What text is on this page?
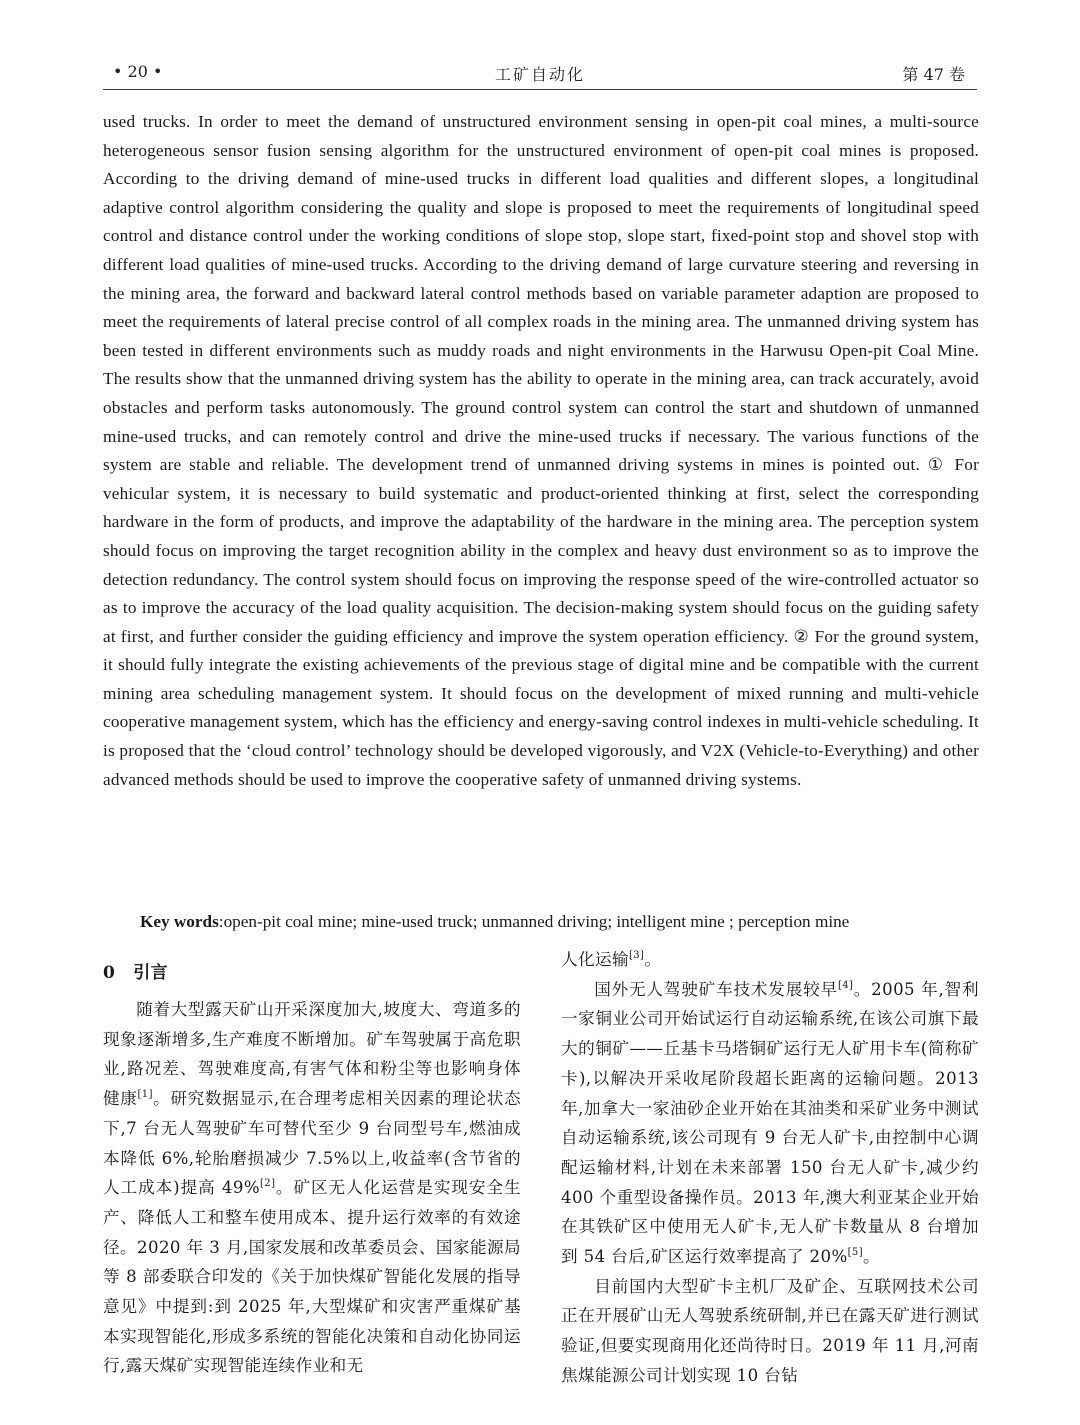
• 20 •	工矿自动化	第 47 卷

used trucks. In order to meet the demand of unstructured environment sensing in open-pit coal mines, a multi-source heterogeneous sensor fusion sensing algorithm for the unstructured environment of open-pit coal mines is proposed. According to the driving demand of mine-used trucks in different load qualities and different slopes, a longitudinal adaptive control algorithm considering the quality and slope is proposed to meet the requirements of longitudinal speed control and distance control under the working conditions of slope stop, slope start, fixed-point stop and shovel stop with different load qualities of mine-used trucks. According to the driving demand of large curvature steering and reversing in the mining area, the forward and backward lateral control methods based on variable parameter adaption are proposed to meet the requirements of lateral precise control of all complex roads in the mining area. The unmanned driving system has been tested in different environments such as muddy roads and night environments in the Harwusu Open-pit Coal Mine. The results show that the unmanned driving system has the ability to operate in the mining area, can track accurately, avoid obstacles and perform tasks autonomously. The ground control system can control the start and shutdown of unmanned mine-used trucks, and can remotely control and drive the mine-used trucks if necessary. The various functions of the system are stable and reliable. The development trend of unmanned driving systems in mines is pointed out. ① For vehicular system, it is necessary to build systematic and product-oriented thinking at first, select the corresponding hardware in the form of products, and improve the adaptability of the hardware in the mining area. The perception system should focus on improving the target recognition ability in the complex and heavy dust environment so as to improve the detection redundancy. The control system should focus on improving the response speed of the wire-controlled actuator so as to improve the accuracy of the load quality acquisition. The decision-making system should focus on the guiding safety at first, and further consider the guiding efficiency and improve the system operation efficiency. ② For the ground system, it should fully integrate the existing achievements of the previous stage of digital mine and be compatible with the current mining area scheduling management system. It should focus on the development of mixed running and multi-vehicle cooperative management system, which has the efficiency and energy-saving control indexes in multi-vehicle scheduling. It is proposed that the ‘cloud control’ technology should be developed vigorously, and V2X (Vehicle-to-Everything) and other advanced methods should be used to improve the cooperative safety of unmanned driving systems.

Key words:open-pit coal mine; mine-used truck; unmanned driving; intelligent mine ; perception mine
0 引言

随着大型露天矿山开采深度加大,坡度大、弯道多的现象逐渐增多,生产难度不断增加。矿车驾驶属于高危职业,路况差、驾驶难度高,有害气体和粉尘等也影响身体健康[1]。研究数据显示,在合理考虑相关因素的理论状态下,7 台无人驾驶矿车可替代至少 9 台同型号车,燃油成本降低 6%,轮胎磨损减少 7.5%以上,收益率(含节省的人工成本)提高 49%[2]。矿区无人化运营是实现安全生产、降低人工和整车使用成本、提升运行效率的有效途径。2020 年 3 月,国家发展和改革委员会、国家能源局等 8 部委联合印发的《关于加快煤矿智能化发展的指导意见》中提到:到 2025 年,大型煤矿和灾害严重煤矿基本实现智能化,形成多系统的智能化决策和自动化协同运行,露天煤矿实现智能连续作业和无

人化运输[3]。

国外无人驾驶矿车技术发展较早[4]。2005 年,智利一家铜业公司开始试运行自动运输系统,在该公司旗下最大的铜矿——丘基卡马塔铜矿运行无人矿用卡车(简称矿卡),以解决开采收尾阶段超长距离的运输问题。2013 年,加拿大一家油砂企业开始在其油类和采矿业务中测试自动运输系统,该公司现有 9 台无人矿卡,由控制中心调配运输材料,计划在未来部署 150 台无人矿卡,减少约 400 个重型设备操作员。2013 年,澳大利亚某企业开始在其铁矿区中使用无人矿卡,无人矿卡数量从 8 台增加到 54 台后,矿区运行效率提高了 20%[5]。

目前国内大型矿卡主机厂及矿企、互联网技术公司正在开展矿山无人驾驶系统研制,并已在露天矿进行测试验证,但要实现商用化还尚待时日。2019 年 11 月,河南焦煤能源公司计划实现 10 台钻
